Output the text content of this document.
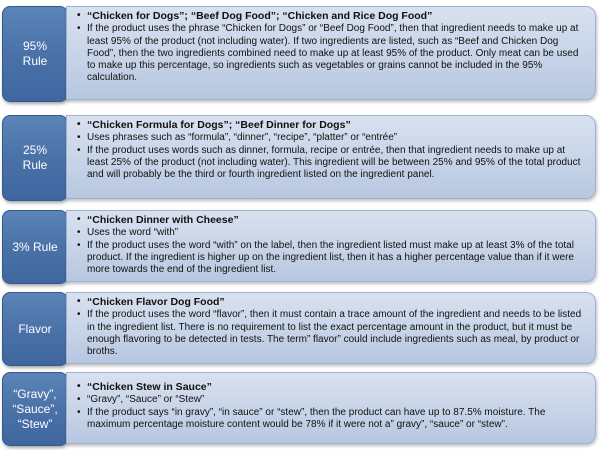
95%
Rule
• “Chicken for Dogs”; “Beef Dog Food”; “Chicken and Rice Dog Food”
• If the product uses the phrase “Chicken for Dogs” or “Beef Dog Food”, then that ingredient needs to make up at least 95% of the product (not including water). If two ingredients are listed, such as “Beef and Chicken Dog Food”, then the two ingredients combined need to make up at least 95% of the product. Only meat can be used to make up this percentage, so ingredients such as vegetables or grains cannot be included in the 95% calculation.
25%
Rule
• “Chicken Formula for Dogs”; “Beef Dinner for Dogs”
• Uses phrases such as “formula”, “dinner”, “recipe”, “platter” or “entrée”
• If the product uses words such as dinner, formula, recipe or entrée, then that ingredient needs to make up at least 25% of the product (not including water). This ingredient will be between 25% and 95% of the total product and will probably be the third or fourth ingredient listed on the ingredient panel.
3% Rule
• “Chicken Dinner with Cheese”
• Uses the word “with”
• If the product uses the word “with” on the label, then the ingredient listed must make up at least 3% of the total product. If the ingredient is higher up on the ingredient list, then it has a higher percentage value than if it were more towards the end of the ingredient list.
Flavor
• “Chicken Flavor Dog Food”
• If the product uses the word “flavor”, then it must contain a trace amount of the ingredient and needs to be listed in the ingredient list. There is no requirement to list the exact percentage amount in the product, but it must be enough flavoring to be detected in tests. The term” flavor” could include ingredients such as meal, by product or broths.
“Gravy”,
“Sauce”,
“Stew”
• “Chicken Stew in Sauce”
• “Gravy”, “Sauce” or “Stew”
• If the product says “in gravy”, “in sauce” or “stew”, then the product can have up to 87.5% moisture. The maximum percentage moisture content would be 78% if it were not a” gravy”, “sauce” or “stew”.
